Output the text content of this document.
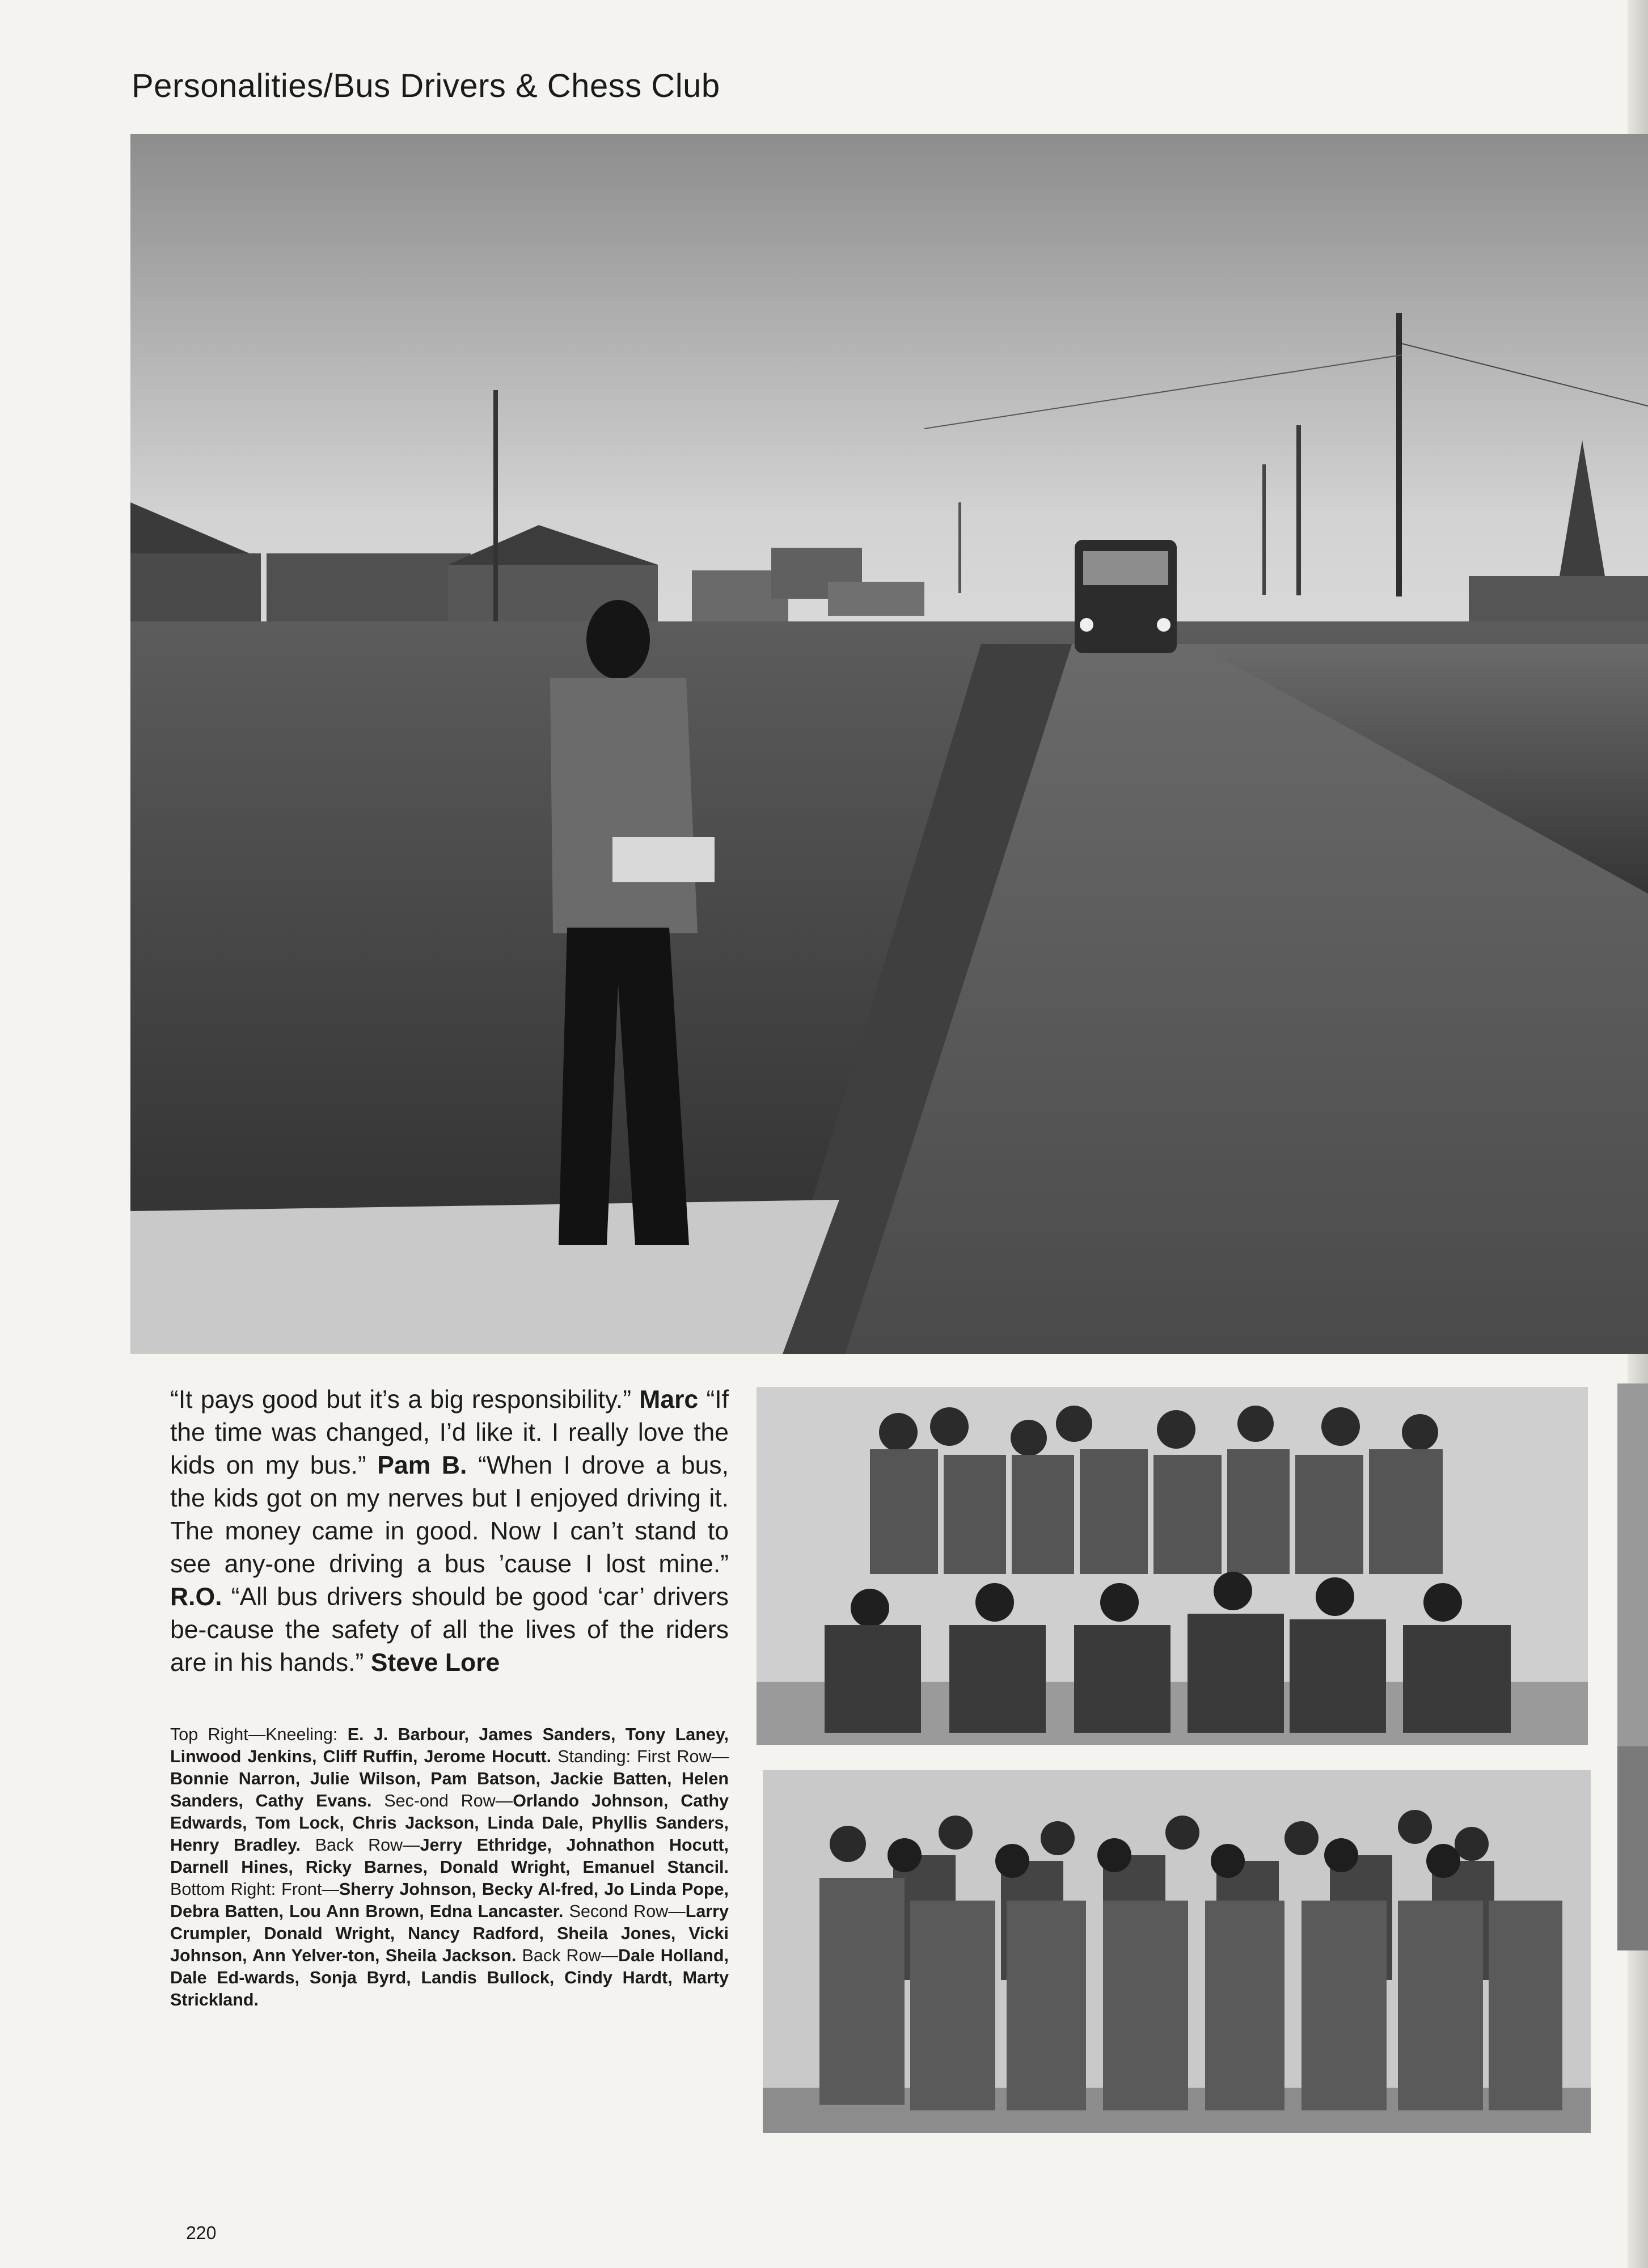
Personalities/Bus Drivers & Chess Club

“It pays good but it’s a big responsibility.” Marc “If the time was changed, I’d like it. I really love the kids on my bus.” Pam B. “When I drove a bus, the kids got on my nerves but I enjoyed driving it. The money came in good. Now I can’t stand to see any-one driving a bus ’cause I lost mine.” R.O. “All bus drivers should be good ‘car’ drivers be-cause the safety of all the lives of the riders are in his hands.” Steve Lore

Top Right—Kneeling: E. J. Barbour, James Sanders, Tony Laney, Linwood Jenkins, Cliff Ruffin, Jerome Hocutt. Standing: First Row—Bonnie Narron, Julie Wilson, Pam Batson, Jackie Batten, Helen Sanders, Cathy Evans. Sec-ond Row—Orlando Johnson, Cathy Edwards, Tom Lock, Chris Jackson, Linda Dale, Phyllis Sanders, Henry Bradley. Back Row—Jerry Ethridge, Johnathon Hocutt, Darnell Hines, Ricky Barnes, Donald Wright, Emanuel Stancil. Bottom Right: Front—Sherry Johnson, Becky Al-fred, Jo Linda Pope, Debra Batten, Lou Ann Brown, Edna Lancaster. Second Row—Larry Crumpler, Donald Wright, Nancy Radford, Sheila Jones, Vicki Johnson, Ann Yelver-ton, Sheila Jackson. Back Row—Dale Holland, Dale Ed-wards, Sonja Byrd, Landis Bullock, Cindy Hardt, Marty Strickland.

220
